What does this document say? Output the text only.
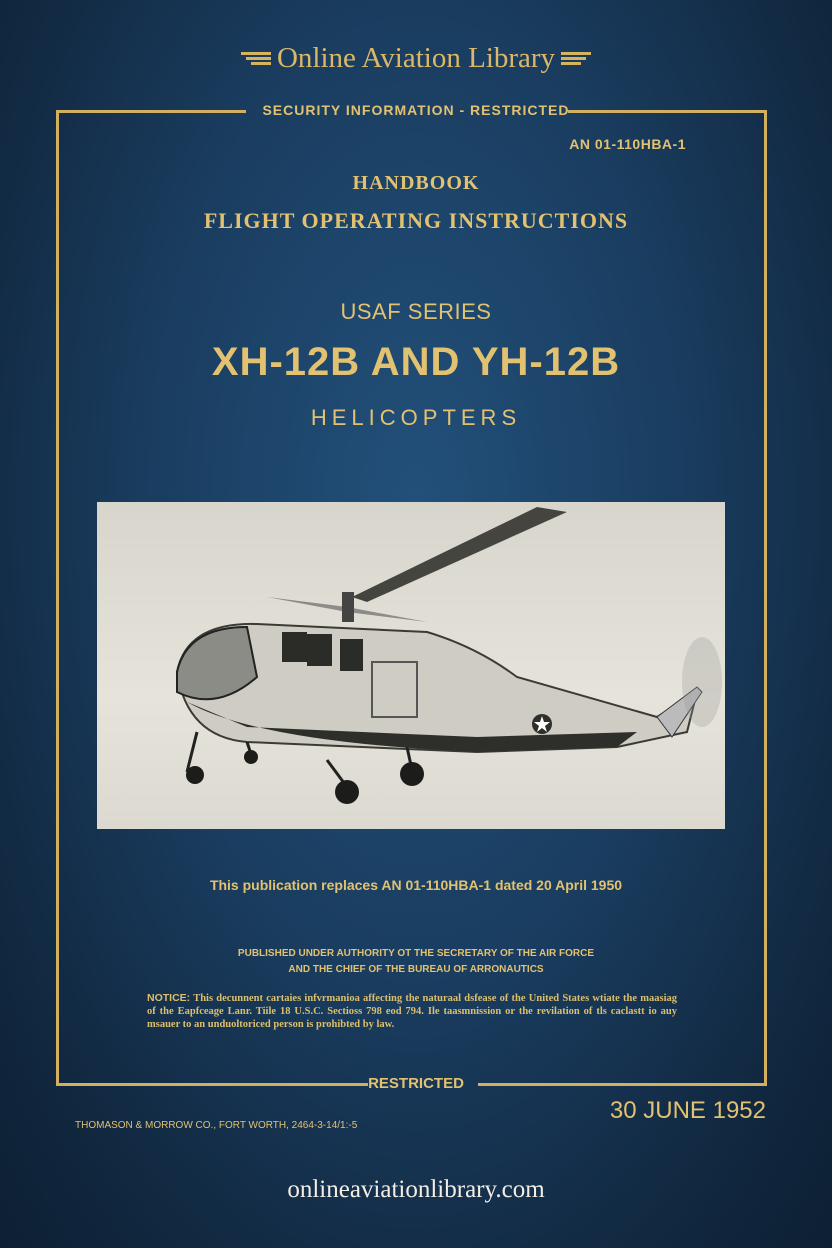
Online Aviation Library
SECURITY INFORMATION - RESTRICTED
AN 01-110HBA-1
HANDBOOK
FLIGHT OPERATING INSTRUCTIONS
USAF SERIES
XH-12B AND YH-12B
HELICOPTERS
This publication replaces AN 01-110HBA-1 dated 20 April 1950
PUBLISHED UNDER AUTHORITY OT THE SECRETARY OF THE AIR FORCE
AND THE CHIEF OF THE BUREAU OF ARRONAUTICS
NOTICE: This decunnent cartaies infvrmanioa affecting the naturaal dsfease of the United States wtiate the maasiag of the Eapfceage Lanr. Tiile 18 U.S.C. Sectioss 798 eod 794. Ile taasmnission or the revilation of tls caclastt io auy msauer to an unduoltoriced person is prohibted by law.
RESTRICTED
30 JUNE 1952
THOMASON & MORROW CO., FORT WORTH, 2464-3-14/1:-5
onlineaviationlibrary.com
